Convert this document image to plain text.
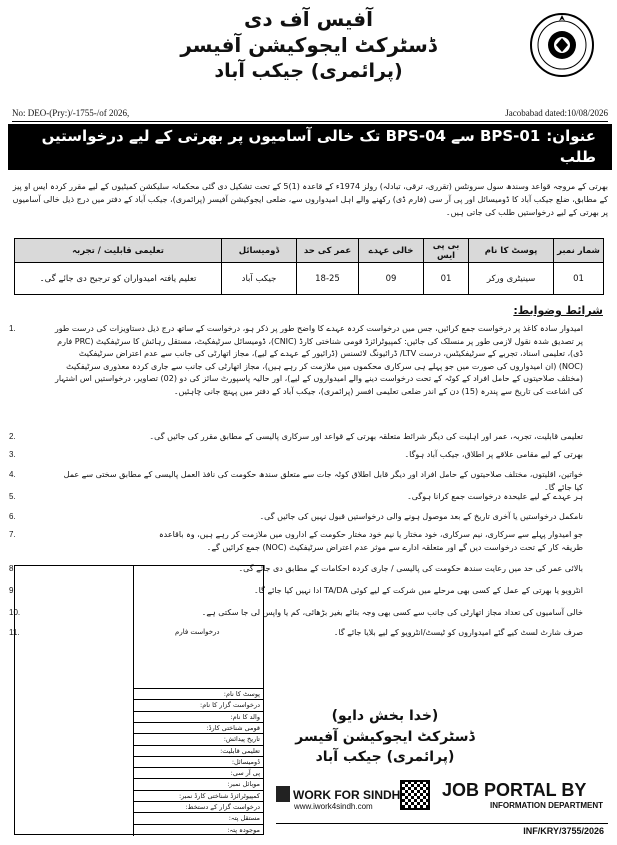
آفیس آف دی
ڈسٹرکٹ ایجوکیشن آفیسر
(پرائمری) جیکب آباد
No: DEO-(Pry:)/-1755-/of 2026,	Jacobabad dated:10/08/2026
عنوان:BPS-01 سے BPS-04 تک خالی آسامیوں پر بھرتی کے لیے درخواستیں طلب
کرنے کا اعلان
بھرتی کے مروجہ قواعد وسندھ سول سرونٹس (تقرری، ترقی، تبادلہ) رولز 1974ء کے قاعدہ (1)5 کے تحت تشکیل دی گئی محکمانہ سلیکشن کمیٹیوں کے لیے مقرر کردہ ایس او پیز کے مطابق، ضلع جیکب آباد کا ڈومیسائل اور پی آر سی (فارم ڈی) رکھنے والے اہل امیدواروں سے، ضلعی ایجوکیشن آفیسر (پرائمری)، جیکب آباد کے دفتر میں درج ذیل خالی آسامیوں پر بھرتی کے لیے درخواستیں طلب کی جاتی ہیں۔
شمار نمبر	پوسٹ کا نام	بی پی ایس	خالی عہدے	عمر کی حد	ڈومیسائل	تعلیمی قابلیت / تجربہ
01	سینیٹری ورکر	01	09	18-25	جیکب آباد	تعلیم یافتہ امیدواران کو ترجیح دی جائے گی۔
شرائط وضوابط:
امیدوار سادہ کاغذ پر درخواست جمع کرائیں، جس میں درخواست کردہ عہدے کا واضح طور پر ذکر ہو، درخواست کے ساتھ درج ذیل دستاویزات کی درست طور پر تصدیق شدہ نقول لازمی طور پر منسلک کی جائیں: کمپیوٹرائزڈ قومی شناختی کارڈ (CNIC)، ڈومیسائل سرٹیفکیٹ، مستقل رہائش کا سرٹیفکیٹ (PRC فارم ڈی)، تعلیمی اسناد، تجربے کے سرٹیفکیٹس، درست LTV/ ڈرائیونگ لائسنس (ڈرائیور کے عہدے کے لیے)، مجاز اتھارٹی کی جانب سے عدم اعتراض سرٹیفکیٹ (NOC) (ان امیدواروں کی صورت میں جو پہلے ہی سرکاری محکموں میں ملازمت کر رہے ہیں)، مجاز اتھارٹی کی جانب سے جاری کردہ معذوری سرٹیفکیٹ (مختلف صلاحیتوں کے حامل افراد کے کوٹہ کے تحت درخواست دینے والے امیدواروں کے لیے)، اور حالیہ پاسپورٹ سائز کی دو (02) تصاویر، درخواستیں اس اشتہار کی اشاعت کی تاریخ سے پندرہ (15) دن کے اندر ضلعی تعلیمی افسر (پرائمری)، جیکب آباد کے دفتر میں پہنچ جانی چاہئیں۔
1.
تعلیمی قابلیت، تجربہ، عمر اور اہلیت کی دیگر شرائط متعلقہ بھرتی کے قواعد اور سرکاری پالیسی کے مطابق مقرر کی جائیں گی۔
2.
بھرتی کے لیے مقامی علاقے پر اطلاق، جیکب آباد ہوگا۔
3.
خواتین، اقلیتوں، مختلف صلاحیتوں کے حامل افراد اور دیگر قابل اطلاق کوٹہ جات سے متعلق سندھ حکومت کی نافذ العمل پالیسی کے مطابق سختی سے عمل کیا جائے گا۔
4.
ہر عہدے کے لیے علیحدہ درخواست جمع کرانا ہوگی۔
5.
نامکمل درخواستیں یا آخری تاریخ کے بعد موصول ہونے والی درخواستیں قبول نہیں کی جائیں گی۔
6.
جو امیدوار پہلے سے سرکاری، نیم سرکاری، خود مختار یا نیم خود مختار حکومت کے اداروں میں ملازمت کر رہے ہیں، وہ باقاعدہ طریقہ کار کے تحت درخواست دیں گے اور متعلقہ ادارے سے موثر عدم اعتراض سرٹیفکیٹ (NOC) جمع کرائیں گے۔
7.
بالائی عمر کی حد میں رعایت سندھ حکومت کی پالیسی / جاری کردہ احکامات کے مطابق دی جائے گی۔
8.
انٹرویو یا بھرتی کے عمل کے کسی بھی مرحلے میں شرکت کے لیے کوئی TA/DA ادا نہیں کیا جائے گا۔
9.
خالی آسامیوں کی تعداد مجاز اتھارٹی کی جانب سے کسی بھی وجہ بتائے بغیر بڑھائی، کم یا واپس لی جا سکتی ہے۔
10.
صرف شارٹ لسٹ کیے گئے امیدواروں کو ٹیسٹ/انٹرویو کے لیے بلایا جائے گا۔
11.	درخواست فارم
پوسٹ کا نام:
درخواست گزار کا نام:
والد کا نام:
قومی شناختی کارڈ:
تاریخ پیدائش:
تعلیمی قابلیت:
ڈومیسائل:
پی آر سی:
موبائل نمبر:
کمپیوٹرائزڈ شناختی کارڈ نمبر:
درخواست گزار کے دستخط:
مستقل پتہ:
موجودہ پتہ:
(خدا بخش دایو)
ڈسٹرکٹ ایجوکیشن آفیسر
(پرائمری) جیکب آباد
WORK FOR SINDH
www.iwork4sindh.com
JOB PORTAL BY
INFORMATION DEPARTMENT
INF/KRY/3755/2026
